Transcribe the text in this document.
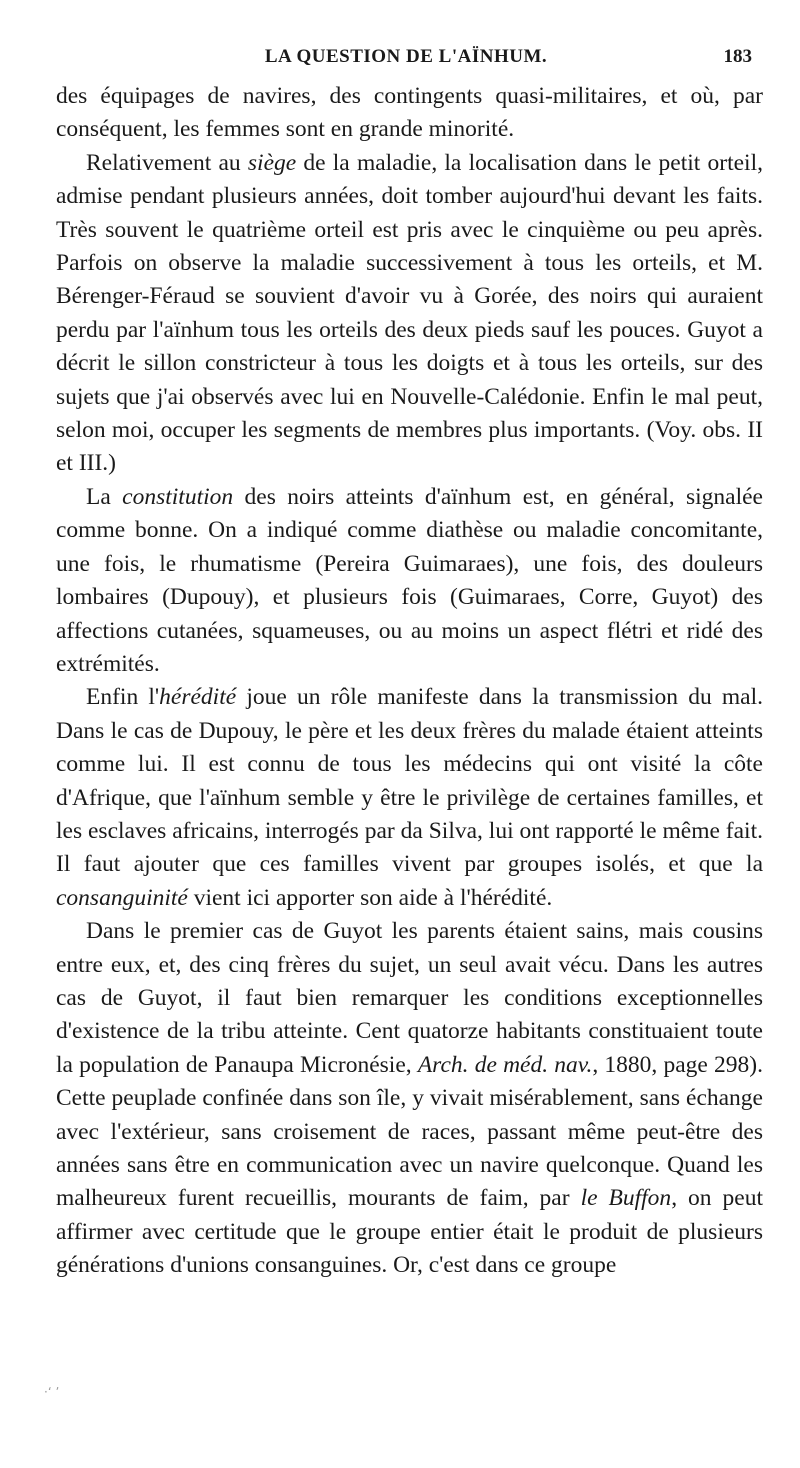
LA QUESTION DE L'AÏNHUM.	183

des équipages de navires, des contingents quasi-militaires, et où, par conséquent, les femmes sont en grande minorité.

Relativement au siège de la maladie, la localisation dans le petit orteil, admise pendant plusieurs années, doit tomber aujourd'hui devant les faits. Très souvent le quatrième orteil est pris avec le cinquième ou peu après. Parfois on observe la maladie successivement à tous les orteils, et M. Bérenger-Féraud se souvient d'avoir vu à Gorée, des noirs qui auraient perdu par l'aïnhum tous les orteils des deux pieds sauf les pouces. Guyot a décrit le sillon constricteur à tous les doigts et à tous les orteils, sur des sujets que j'ai observés avec lui en Nouvelle-Calédonie. Enfin le mal peut, selon moi, occuper les segments de membres plus importants. (Voy. obs. II et III.)

La constitution des noirs atteints d'aïnhum est, en général, signalée comme bonne. On a indiqué comme diathèse ou maladie concomitante, une fois, le rhumatisme (Pereira Guimaraes), une fois, des douleurs lombaires (Dupouy), et plusieurs fois (Guimaraes, Corre, Guyot) des affections cutanées, squameuses, ou au moins un aspect flétri et ridé des extrémités.

Enfin l'hérédité joue un rôle manifeste dans la transmission du mal. Dans le cas de Dupouy, le père et les deux frères du malade étaient atteints comme lui. Il est connu de tous les médecins qui ont visité la côte d'Afrique, que l'aïnhum semble y être le privilège de certaines familles, et les esclaves africains, interrogés par da Silva, lui ont rapporté le même fait. Il faut ajouter que ces familles vivent par groupes isolés, et que la consanguinité vient ici apporter son aide à l'hérédité.

Dans le premier cas de Guyot les parents étaient sains, mais cousins entre eux, et, des cinq frères du sujet, un seul avait vécu. Dans les autres cas de Guyot, il faut bien remarquer les conditions exceptionnelles d'existence de la tribu atteinte. Cent quatorze habitants constituaient toute la population de Panaupa Micronésie, Arch. de méd. nav., 1880, page 298). Cette peuplade confinée dans son île, y vivait misérablement, sans échange avec l'extérieur, sans croisement de races, passant même peut-être des années sans être en communication avec un navire quelconque. Quand les malheureux furent recueillis, mourants de faim, par le Buffon, on peut affirmer avec certitude que le groupe entier était le produit de plusieurs générations d'unions consanguines. Or, c'est dans ce groupe

·ʻ ʼ
